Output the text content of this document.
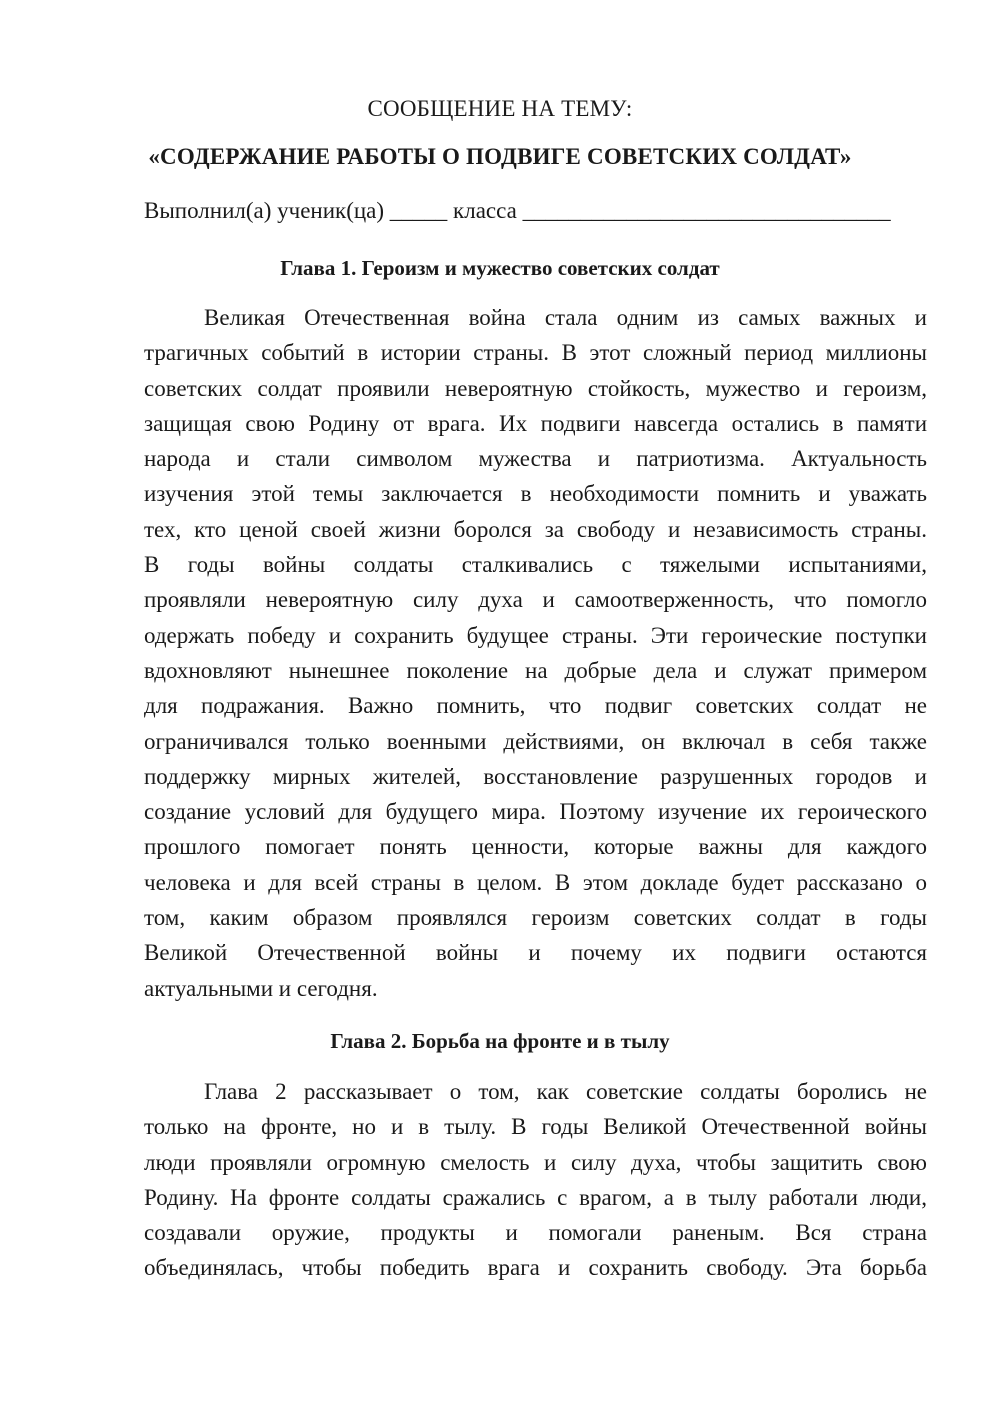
СООБЩЕНИЕ НА ТЕМУ:
«СОДЕРЖАНИЕ РАБОТЫ О ПОДВИГЕ СОВЕТСКИХ СОЛДАТ»
Выполнил(а) ученик(ца) _____ класса ________________________________
Глава 1. Героизм и мужество советских солдат
Великая Отечественная война стала одним из самых важных и
трагичных событий в истории страны. В этот сложный период миллионы
советских солдат проявили невероятную стойкость, мужество и героизм,
защищая свою Родину от врага. Их подвиги навсегда остались в памяти
народа и стали символом мужества и патриотизма. Актуальность
изучения этой темы заключается в необходимости помнить и уважать
тех, кто ценой своей жизни боролся за свободу и независимость страны.
В годы войны солдаты сталкивались с тяжелыми испытаниями,
проявляли невероятную силу духа и самоотверженность, что помогло
одержать победу и сохранить будущее страны. Эти героические поступки
вдохновляют нынешнее поколение на добрые дела и служат примером
для подражания. Важно помнить, что подвиг советских солдат не
ограничивался только военными действиями, он включал в себя также
поддержку мирных жителей, восстановление разрушенных городов и
создание условий для будущего мира. Поэтому изучение их героического
прошлого помогает понять ценности, которые важны для каждого
человека и для всей страны в целом. В этом докладе будет рассказано о
том, каким образом проявлялся героизм советских солдат в годы
Великой Отечественной войны и почему их подвиги остаются
актуальными и сегодня.
Глава 2. Борьба на фронте и в тылу
Глава 2 рассказывает о том, как советские солдаты боролись не
только на фронте, но и в тылу. В годы Великой Отечественной войны
люди проявляли огромную смелость и силу духа, чтобы защитить свою
Родину. На фронте солдаты сражались с врагом, а в тылу работали люди,
создавали оружие, продукты и помогали раненым. Вся страна
объединялась, чтобы победить врага и сохранить свободу. Эта борьба
